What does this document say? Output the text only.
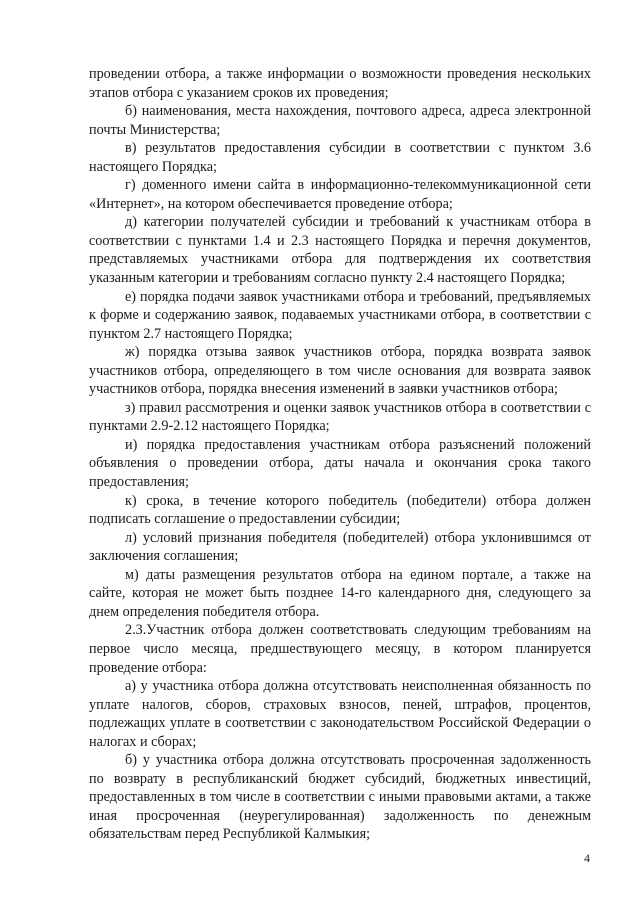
проведении отбора, а также информации о возможности проведения нескольких этапов отбора с указанием сроков их проведения;

б) наименования, места нахождения, почтового адреса, адреса электронной почты Министерства;

в) результатов предоставления субсидии в соответствии с пунктом 3.6 настоящего Порядка;

г) доменного имени сайта в информационно-телекоммуникационной сети «Интернет», на котором обеспечивается проведение отбора;

д) категории получателей субсидии и требований к участникам отбора в соответствии с пунктами 1.4 и 2.3 настоящего Порядка и перечня документов, представляемых участниками отбора для подтверждения их соответствия указанным категории и требованиям согласно пункту 2.4 настоящего Порядка;

е) порядка подачи заявок участниками отбора и требований, предъявляемых к форме и содержанию заявок, подаваемых участниками отбора, в соответствии с пунктом 2.7 настоящего Порядка;

ж) порядка отзыва заявок участников отбора, порядка возврата заявок участников отбора, определяющего в том числе основания для возврата заявок участников отбора, порядка внесения изменений в заявки участников отбора;

з) правил рассмотрения и оценки заявок участников отбора в соответствии с пунктами 2.9-2.12 настоящего Порядка;

и) порядка предоставления участникам отбора разъяснений положений объявления о проведении отбора, даты начала и окончания срока такого предоставления;

к) срока, в течение которого победитель (победители) отбора должен подписать соглашение о предоставлении субсидии;

л) условий признания победителя (победителей) отбора уклонившимся от заключения соглашения;

м) даты размещения результатов отбора на едином портале, а также на сайте, которая не может быть позднее 14-го календарного дня, следующего за днем определения победителя отбора.

2.3.Участник отбора должен соответствовать следующим требованиям на первое число месяца, предшествующего месяцу, в котором планируется проведение отбора:

а) у участника отбора должна отсутствовать неисполненная обязанность по уплате налогов, сборов, страховых взносов, пеней, штрафов, процентов, подлежащих уплате в соответствии с законодательством Российской Федерации о налогах и сборах;

б) у участника отбора должна отсутствовать просроченная задолженность по возврату в республиканский бюджет субсидий, бюджетных инвестиций, предоставленных в том числе в соответствии с иными правовыми актами, а также иная просроченная (неурегулированная) задолженность по денежным обязательствам перед Республикой Калмыкия;

4
